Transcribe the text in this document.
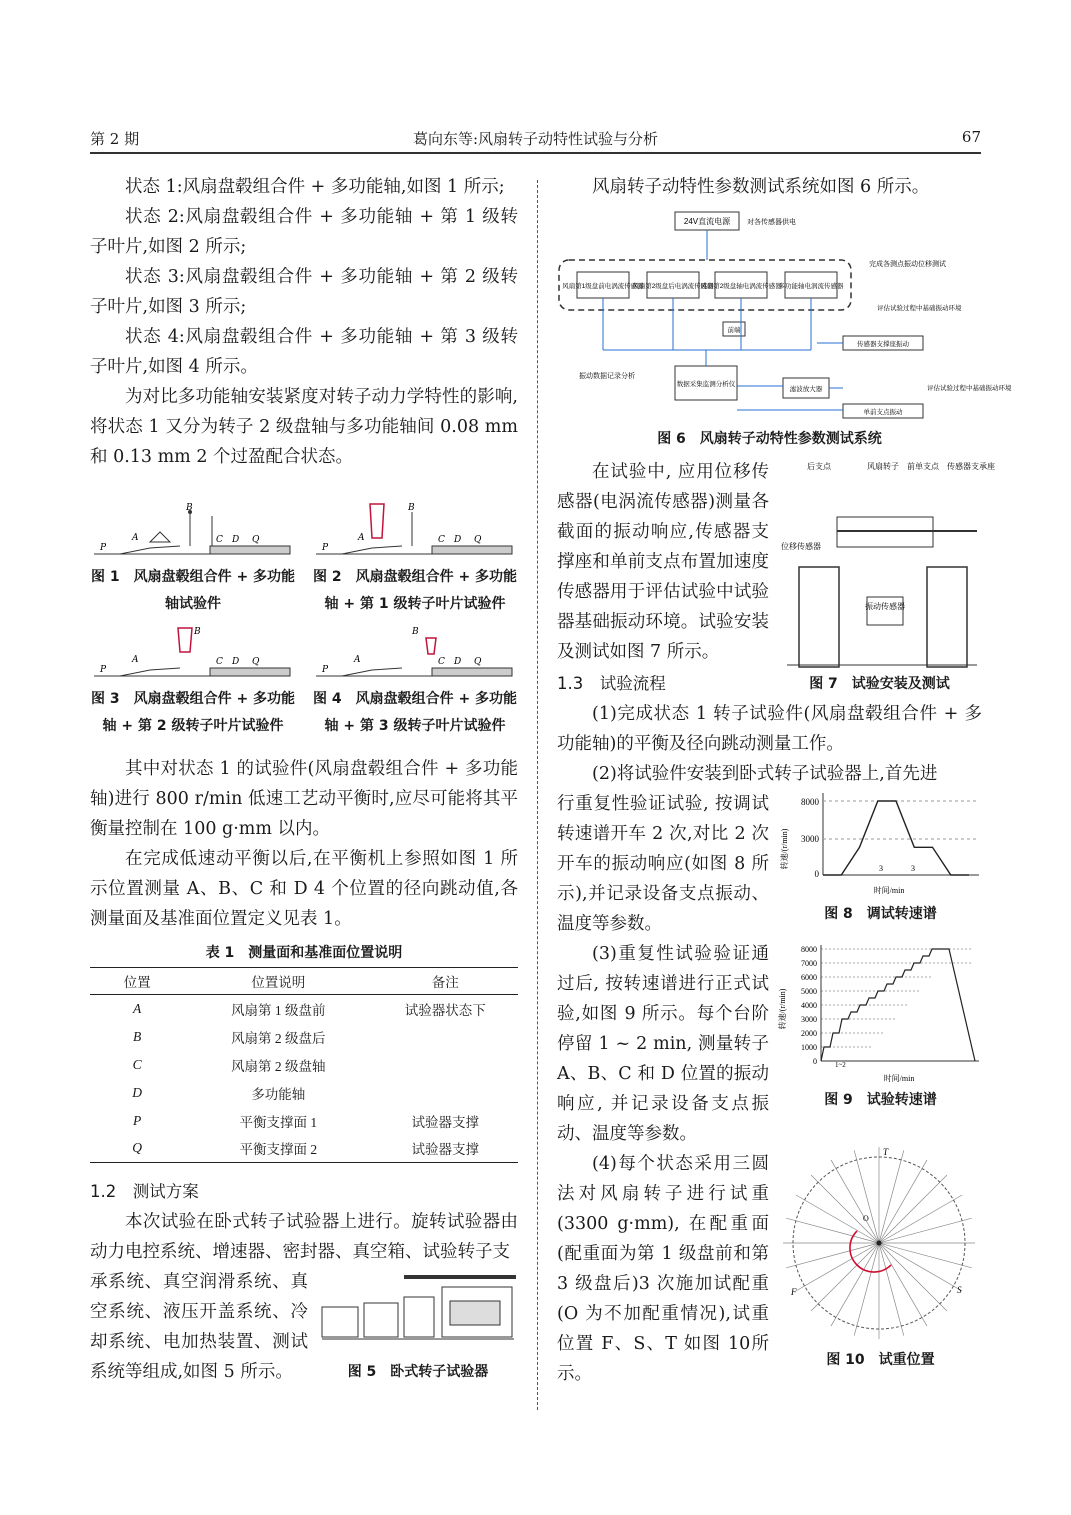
第 2 期	葛向东等:风扇转子动特性试验与分析	67

状态 1:风扇盘毂组合件 + 多功能轴,如图 1 所示;

状态 2:风扇盘毂组合件 + 多功能轴 + 第 1 级转子叶片,如图 2 所示;

状态 3:风扇盘毂组合件 + 多功能轴 + 第 2 级转子叶片,如图 3 所示;

状态 4:风扇盘毂组合件 + 多功能轴 + 第 3 级转子叶片,如图 4 所示。

为对比多功能轴安装紧度对转子动力学特性的影响, 将状态 1 又分为转子 2 级盘轴与多功能轴间 0.08 mm 和 0.13 mm 2 个过盈配合状态。

P
A
B
C D Q
图 1　风扇盘毂组合件 + 多功能轴试验件
P
A
B
C D Q
图 2　风扇盘毂组合件 + 多功能轴 + 第 1 级转子叶片试验件
P
A
B
C D Q
图 3　风扇盘毂组合件 + 多功能轴 + 第 2 级转子叶片试验件
P
A
B
C D Q
图 4　风扇盘毂组合件 + 多功能轴 + 第 3 级转子叶片试验件

其中对状态 1 的试验件(风扇盘毂组合件 + 多功能轴)进行 800 r/min 低速工艺动平衡时,应尽可能将其平衡量控制在 100 g·mm 以内。

在完成低速动平衡以后,在平衡机上参照如图 1 所示位置测量 A、B、C 和 D 4 个位置的径向跳动值,各测量面及基准面位置定义见表 1。

表 1　测量面和基准面位置说明
位置	位置说明	备注
A	风扇第 1 级盘前	试验器状态下
B	风扇第 2 级盘后	
C	风扇第 2 级盘轴	
D	多功能轴	
P	平衡支撑面 1	试验器支撑
Q	平衡支撑面 2	试验器支撑
1.2　测试方案

本次试验在卧式转子试验器上进行。旋转试验器由动力电控系统、增速器、密封器、真空箱、试验转子支

承系统、真空润滑系统、真空系统、液压开盖系统、冷却系统、电加热装置、测试系统等组成,如图 5 所示。	图 5　卧式转子试验器

风扇转子动特性参数测试系统如图 6 所示。

24V直流电源 对各传感器供电
风扇第1级盘前电涡流传感器
风扇第2级盘后电涡流传感器
风扇第2级盘轴电涡流传感器
多功能轴电涡流传感器
完成各测点振动位移测试
前端
评估试验过程中基础振动环境
传感器支撑座振动
单前支点振动
评估试验过程中基础振动环境
振动数据记录分析
数据采集监测分析仪
滤波放大器
图 6　风扇转子动特性参数测试系统

在试验中, 应用位移传感器(电涡流传感器)测量各截面的振动响应,传感器支撑座和单前支点布置加速度传感器用于评估试验中试验器基础振动环境。试验安装及测试如图 7 所示。

后支点	风扇转子 前单支点 传感器支承座
位移传感器
振动传感器
图 7　试验安装及测试
1.3　试验流程

(1)完成状态 1 转子试验件(风扇盘毂组合件 + 多功能轴)的平衡及径向跳动测量工作。

(2)将试验件安装到卧式转子试验器上,首先进

行重复性验证试验, 按调试转速谱开车 2 次,对比 2 次开车的振动响应(如图 8 所示),并记录设备支点振动、温度等参数。

8000
3000
0
转速/(r/min)
时间/min
3	3
图 8　调试转速谱

(3)重复性试验验证通过后, 按转速谱进行正式试验,如图 9 所示。每个台阶停留 1 ~ 2 min, 测量转子 A、B、C 和 D 位置的振动响应, 并记录设备支点振动、温度等参数。

8000
7000
6000
5000
4000
3000
2000
1000
0
转速/(r/min)
时间/min
1~2
图 9　试验转速谱

(4)每个状态采用三圆法对风扇转子进行试重(3300 g·mm), 在配重面(配重面为第 1 级盘前和第 3 级盘后)3 次施加试配重(O 为不加配重情况),试重位置 F、S、T 如图 10所示。

T
F	S
O
图 10　试重位置
